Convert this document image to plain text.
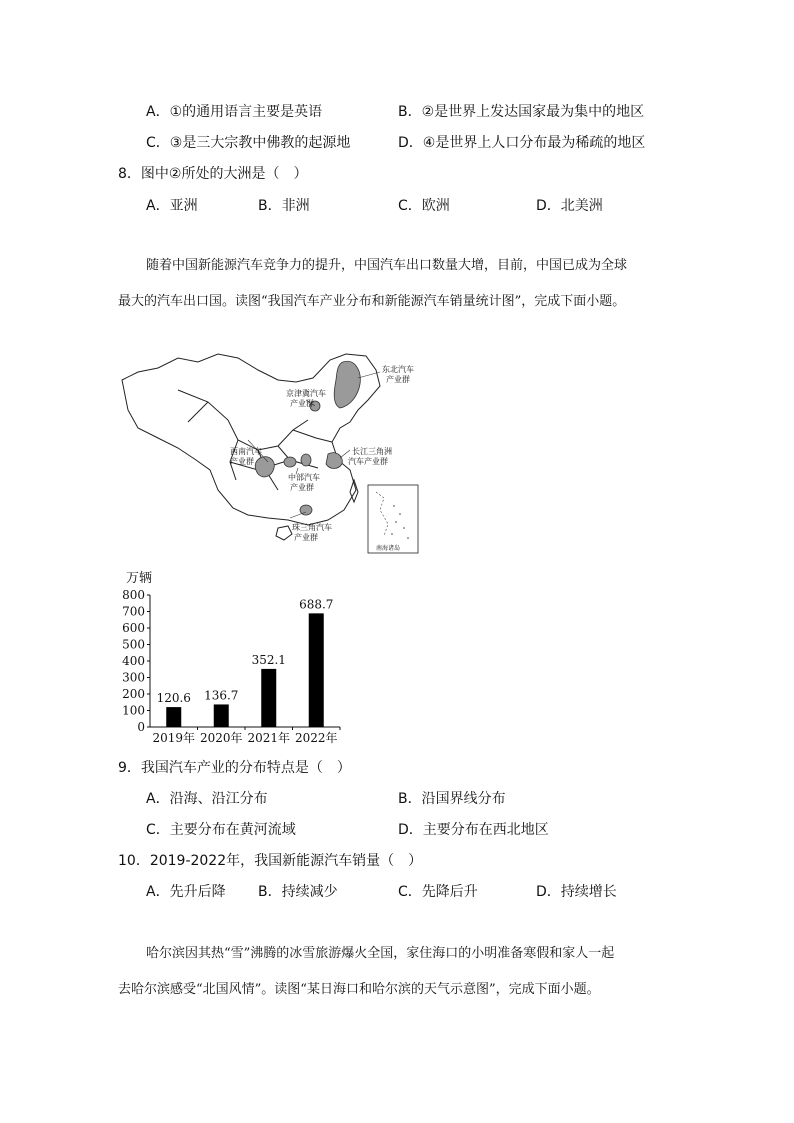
A．①的通用语言主要是英语	B．②是世界上发达国家最为集中的地区
C．③是三大宗教中佛教的起源地	D．④是世界上人口分布最为稀疏的地区
8．图中②所处的大洲是（　）
A．亚洲	B．非洲	C．欧洲	D．北美洲
随着中国新能源汽车竞争力的提升，中国汽车出口数量大增，目前，中国已成为全球
最大的汽车出口国。读图“我国汽车产业分布和新能源汽车销量统计图”，完成下面小题。
东北汽车
产业群
京津冀汽车
产业群
西南汽车
产业群
中部汽车
产业群
长江三角洲
汽车产业群
珠三角汽车
产业群
南海诸岛
万辆
0
100
200
300
400
500
600
700
800
2019年 2020年 2021年 2022年
120.6 136.7
352.1
688.7
9．我国汽车产业的分布特点是（　）
A．沿海、沿江分布	B．沿国界线分布
C．主要分布在黄河流域	D．主要分布在西北地区
10．2019-2022年，我国新能源汽车销量（　）
A．先升后降 B．持续减少	C．先降后升	D．持续增长
哈尔滨因其热“雪”沸腾的冰雪旅游爆火全国，家住海口的小明准备寒假和家人一起
去哈尔滨感受“北国风情”。读图“某日海口和哈尔滨的天气示意图”，完成下面小题。
